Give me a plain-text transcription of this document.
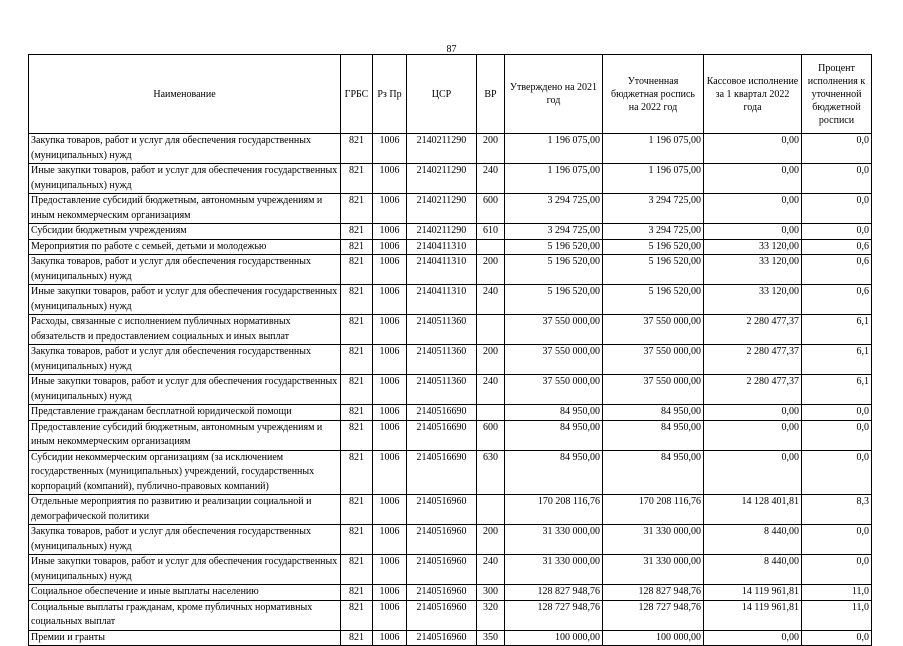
87
Наименование	ГРБС	Рз Пр	ЦСР	ВР	Утверждено на 2021 год	Уточненная бюджетная роспись на 2022 год	Кассовое исполнение за 1 квартал 2022 года	Процент исполнения к уточненной бюджетной росписи
Закупка товаров, работ и услуг для обеспечения государственных (муниципальных) нужд	821	1006	2140211290	200	1 196 075,00	1 196 075,00	0,00	0,0
Иные закупки товаров, работ и услуг для обеспечения государственных (муниципальных) нужд	821	1006	2140211290	240	1 196 075,00	1 196 075,00	0,00	0,0
Предоставление субсидий бюджетным, автономным учреждениям и иным некоммерческим организациям	821	1006	2140211290	600	3 294 725,00	3 294 725,00	0,00	0,0
Субсидии бюджетным учреждениям	821	1006	2140211290	610	3 294 725,00	3 294 725,00	0,00	0,0
Мероприятия по работе с семьей, детьми и молодежью	821	1006	2140411310		5 196 520,00	5 196 520,00	33 120,00	0,6
Закупка товаров, работ и услуг для обеспечения государственных (муниципальных) нужд	821	1006	2140411310	200	5 196 520,00	5 196 520,00	33 120,00	0,6
Иные закупки товаров, работ и услуг для обеспечения государственных (муниципальных) нужд	821	1006	2140411310	240	5 196 520,00	5 196 520,00	33 120,00	0,6
Расходы, связанные с исполнением публичных нормативных обязательств и предоставлением социальных и иных выплат	821	1006	2140511360		37 550 000,00	37 550 000,00	2 280 477,37	6,1
Закупка товаров, работ и услуг для обеспечения государственных (муниципальных) нужд	821	1006	2140511360	200	37 550 000,00	37 550 000,00	2 280 477,37	6,1
Иные закупки товаров, работ и услуг для обеспечения государственных (муниципальных) нужд	821	1006	2140511360	240	37 550 000,00	37 550 000,00	2 280 477,37	6,1
Представление гражданам бесплатной юридической помощи	821	1006	2140516690		84 950,00	84 950,00	0,00	0,0
Предоставление субсидий бюджетным, автономным учреждениям и иным некоммерческим организациям	821	1006	2140516690	600	84 950,00	84 950,00	0,00	0,0
Субсидии некоммерческим организациям (за исключением государственных (муниципальных) учреждений, государственных корпораций (компаний), публично-правовых компаний)	821	1006	2140516690	630	84 950,00	84 950,00	0,00	0,0
Отдельные мероприятия по развитию и реализации социальной и демографической политики	821	1006	2140516960		170 208 116,76	170 208 116,76	14 128 401,81	8,3
Закупка товаров, работ и услуг для обеспечения государственных (муниципальных) нужд	821	1006	2140516960	200	31 330 000,00	31 330 000,00	8 440,00	0,0
Иные закупки товаров, работ и услуг для обеспечения государственных (муниципальных) нужд	821	1006	2140516960	240	31 330 000,00	31 330 000,00	8 440,00	0,0
Социальное обеспечение и иные выплаты населению	821	1006	2140516960	300	128 827 948,76	128 827 948,76	14 119 961,81	11,0
Социальные выплаты гражданам, кроме публичных нормативных социальных выплат	821	1006	2140516960	320	128 727 948,76	128 727 948,76	14 119 961,81	11,0
Премии и гранты	821	1006	2140516960	350	100 000,00	100 000,00	0,00	0,0
